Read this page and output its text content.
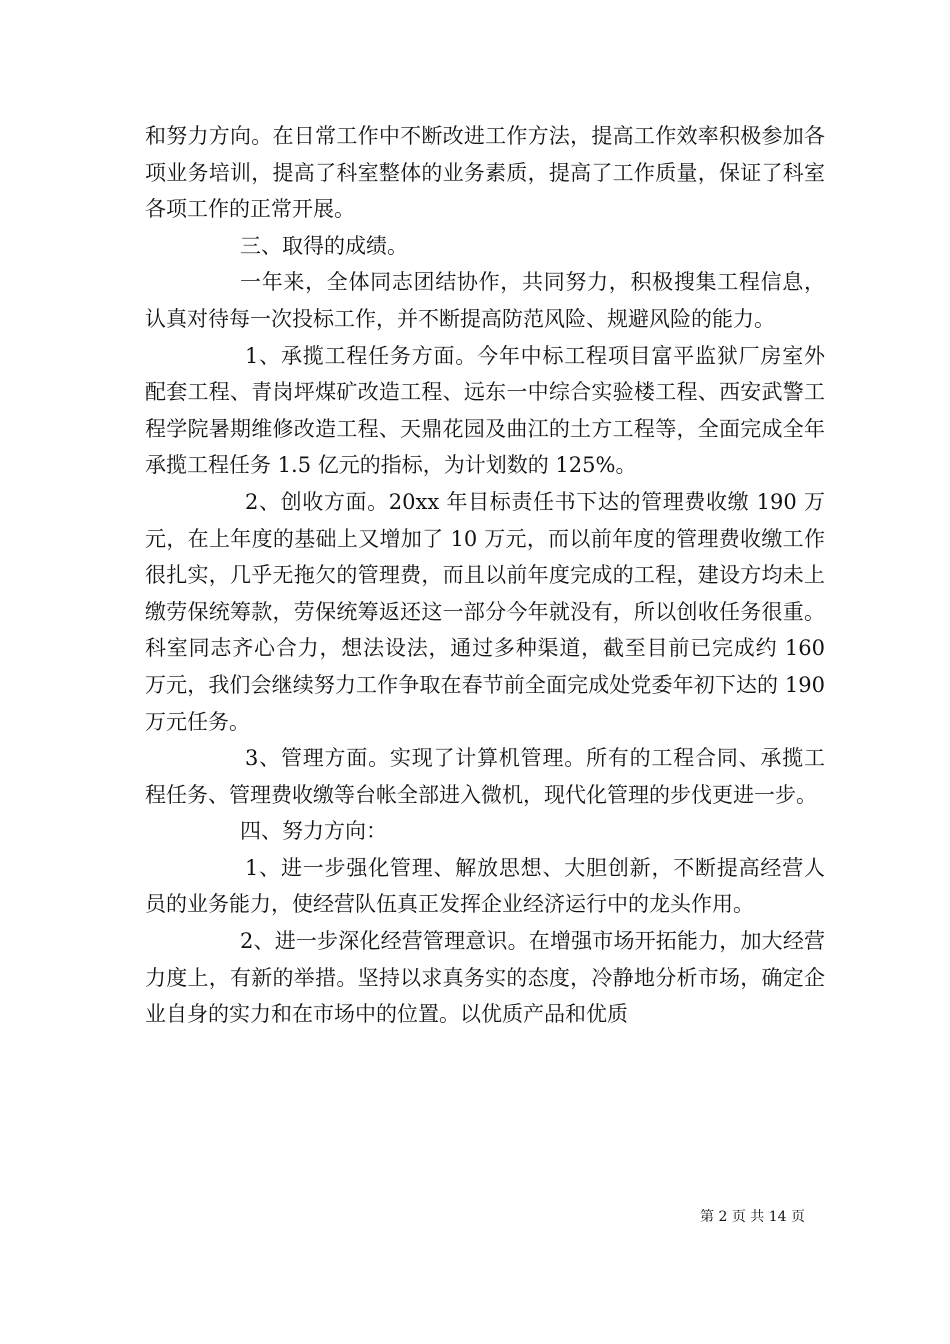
和努力方向。在日常工作中不断改进工作方法，提高工作效率积极参加各项业务培训，提高了科室整体的业务素质，提高了工作质量，保证了科室各项工作的正常开展。

三、取得的成绩。

一年来，全体同志团结协作，共同努力，积极搜集工程信息，认真对待每一次投标工作，并不断提高防范风险、规避风险的能力。

1、承揽工程任务方面。今年中标工程项目富平监狱厂房室外配套工程、青岗坪煤矿改造工程、远东一中综合实验楼工程、西安武警工程学院暑期维修改造工程、天鼎花园及曲江的土方工程等，全面完成全年承揽工程任务 1.5 亿元的指标，为计划数的 125%。

2、创收方面。20xx 年目标责任书下达的管理费收缴 190 万元，在上年度的基础上又增加了 10 万元，而以前年度的管理费收缴工作很扎实，几乎无拖欠的管理费，而且以前年度完成的工程，建设方均未上缴劳保统筹款，劳保统筹返还这一部分今年就没有，所以创收任务很重。科室同志齐心合力，想法设法，通过多种渠道，截至目前已完成约 160 万元，我们会继续努力工作争取在春节前全面完成处党委年初下达的 190 万元任务。

3、管理方面。实现了计算机管理。所有的工程合同、承揽工程任务、管理费收缴等台帐全部进入微机，现代化管理的步伐更进一步。

四、努力方向：

1、进一步强化管理、解放思想、大胆创新，不断提高经营人员的业务能力，使经营队伍真正发挥企业经济运行中的龙头作用。

2、进一步深化经营管理意识。在增强市场开拓能力，加大经营力度上，有新的举措。坚持以求真务实的态度，冷静地分析市场，确定企业自身的实力和在市场中的位置。以优质产品和优质

第 2 页 共 14 页
